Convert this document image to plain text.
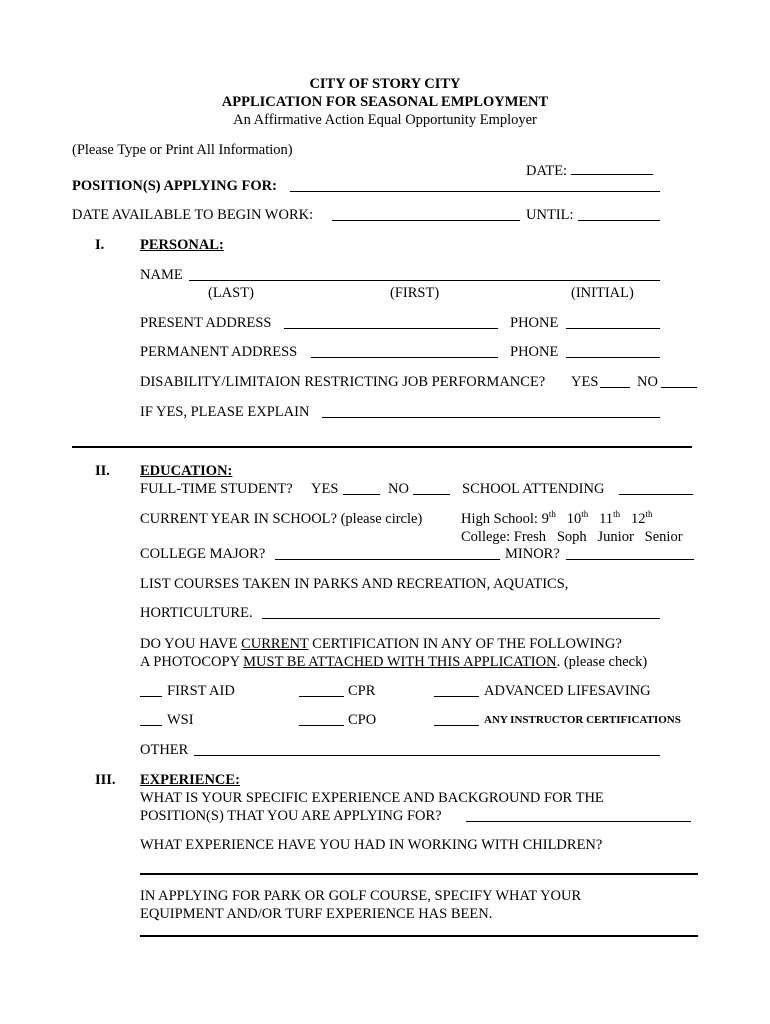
CITY OF STORY CITY
APPLICATION FOR SEASONAL EMPLOYMENT
An Affirmative Action Equal Opportunity Employer
(Please Type or Print All Information)
DATE:
POSITION(S) APPLYING FOR:
DATE AVAILABLE TO BEGIN WORK:	UNTIL:
I. PERSONAL:
NAME
(LAST)	(FIRST)	(INITIAL)
PRESENT ADDRESS	PHONE
PERMANENT ADDRESS	PHONE
DISABILITY/LIMITAION RESTRICTING JOB PERFORMANCE? YES	NO
IF YES, PLEASE EXPLAIN
II. EDUCATION:
FULL-TIME STUDENT? YES	NO	SCHOOL ATTENDING
CURRENT YEAR IN SCHOOL? (please circle)	High School: 9th 10th 11th 12th
College: Fresh   Soph   Junior   Senior
COLLEGE MAJOR?	MINOR?
LIST COURSES TAKEN IN PARKS AND RECREATION, AQUATICS,
HORTICULTURE.
DO YOU HAVE CURRENT CERTIFICATION IN ANY OF THE FOLLOWING?
A PHOTOCOPY MUST BE ATTACHED WITH THIS APPLICATION. (please check)
FIRST AID	CPR	ADVANCED LIFESAVING
WSI	CPO	ANY INSTRUCTOR CERTIFICATIONS
OTHER
III. EXPERIENCE:
WHAT IS YOUR SPECIFIC EXPERIENCE AND BACKGROUND FOR THE
POSITION(S) THAT YOU ARE APPLYING FOR?
WHAT EXPERIENCE HAVE YOU HAD IN WORKING WITH CHILDREN?
IN APPLYING FOR PARK OR GOLF COURSE, SPECIFY WHAT YOUR
EQUIPMENT AND/OR TURF EXPERIENCE HAS BEEN.
